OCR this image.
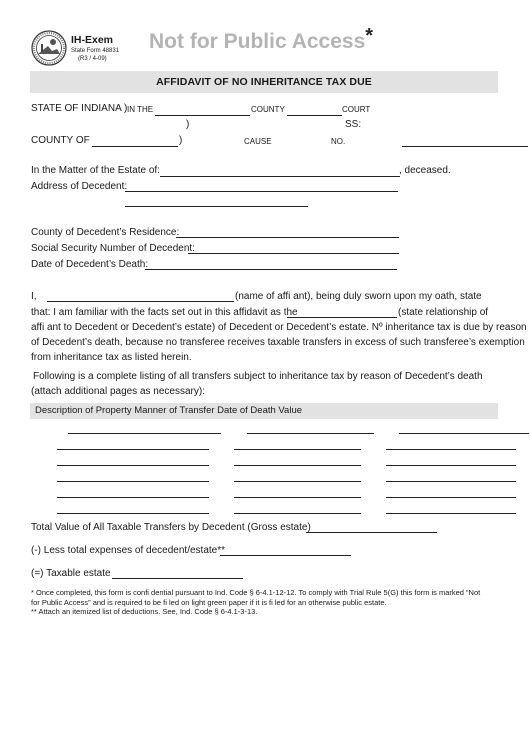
IH-Exem
State Form 48831
(R3 / 4-09)
Not for Public Access*
AFFIDAVIT OF NO INHERITANCE TAX DUE
STATE OF INDIANA ) IN THE	COUNTY	COURT
)	SS:
COUNTY OF	)	CAUSE	NO.
In the Matter of the Estate of:	, deceased.
Address of Decedent:
County of Decedent’s Residence:
Social Security Number of Decedent:
Date of Decedent’s Death:
I,	(name of affi ant), being duly sworn upon my oath, state
that: I am familiar with the facts set out in this affidavit as the	(state relationship of
affi ant to Decedent or Decedent’s estate) of Decedent or Decedent’s estate. Nº inheritance tax is due by reason
of Decedent’s death, because no transferee receives taxable transfers in excess of such transferee’s exemption
from inheritance tax as listed herein.
Following is a complete listing of all transfers subject to inheritance tax by reason of Decedent’s death
(attach additional pages as necessary):
Description of Property Manner of Transfer Date of Death Value
Total Value of All Taxable Transfers by Decedent (Gross estate)
(-) Less total expenses of decedent/estate**
(=) Taxable estate
* Once completed, this form is confi dential pursuant to Ind. Code § 6-4.1-12-12. To comply with Trial Rule 5(G) this form is marked “Not
for Public Access” and is required to be fi led on light green paper if it is fi led for an otherwise public estate.
** Attach an itemized list of deductions. See, Ind. Code § 6-4.1-3-13.
